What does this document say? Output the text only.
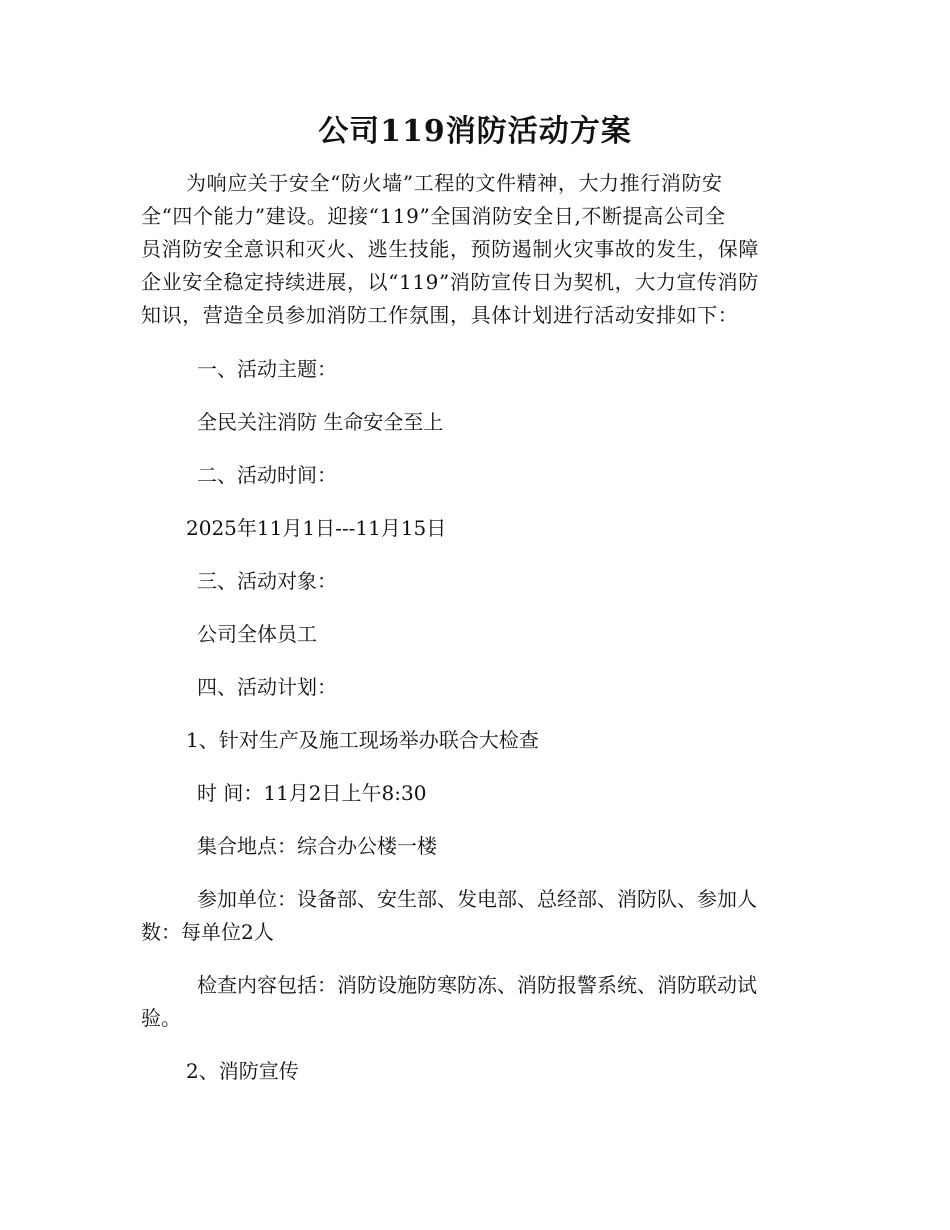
公司119消防活动方案
为响应关于安全“防火墙”工程的文件精神，大力推行消防安
全“四个能力”建设。迎接“119”全国消防安全日,不断提高公司全
员消防安全意识和灭火、逃生技能，预防遏制火灾事故的发生，保障
企业安全稳定持续进展，以“119”消防宣传日为契机，大力宣传消防
知识，营造全员参加消防工作氛围，具体计划进行活动安排如下：
一、活动主题：
全民关注消防 生命安全至上
二、活动时间：
2025年11月1日---11月15日
三、活动对象：
公司全体员工
四、活动计划：
1、针对生产及施工现场举办联合大检查
时 间：11月2日上午8:30
集合地点：综合办公楼一楼
参加单位：设备部、安生部、发电部、总经部、消防队、参加人
数：每单位2人
检查内容包括：消防设施防寒防冻、消防报警系统、消防联动试
验。
2、消防宣传
